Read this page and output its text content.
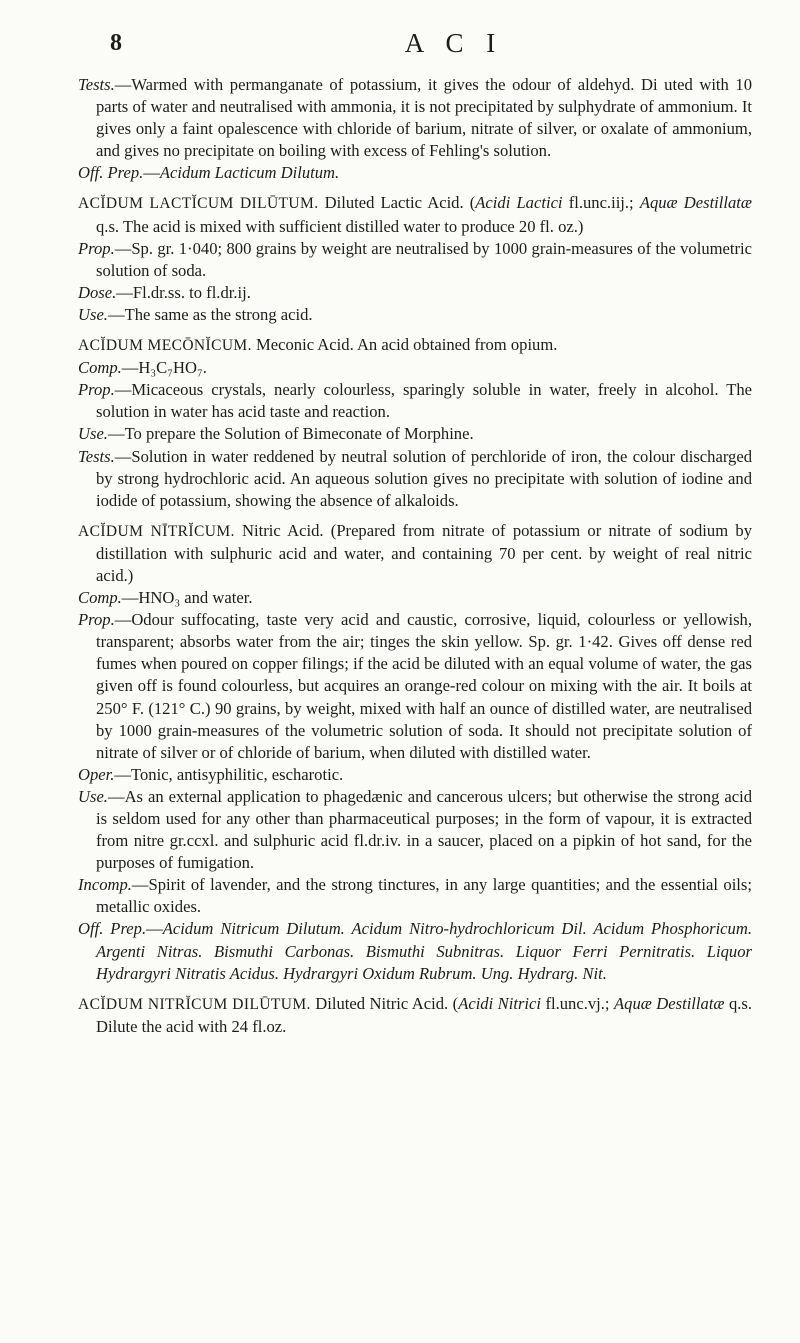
8	A C I

Tests.—Warmed with permanganate of potassium, it gives the odour of aldehyd. Di uted with 10 parts of water and neutralised with ammonia, it is not precipitated by sulphydrate of ammonium. It gives only a faint opalescence with chloride of barium, nitrate of silver, or oxalate of ammonium, and gives no precipitate on boiling with excess of Fehling's solution.

Off. Prep.—Acidum Lacticum Dilutum.

ACĬDUM LACTĬCUM DILŪTUM. Diluted Lactic Acid. (Acidi Lactici fl.unc.iij.; Aquæ Destillatæ q.s. The acid is mixed with sufficient distilled water to produce 20 fl. oz.)

Prop.—Sp. gr. 1·040; 800 grains by weight are neutralised by 1000 grain-measures of the volumetric solution of soda.

Dose.—Fl.dr.ss. to fl.dr.ij.

Use.—The same as the strong acid.

ACĬDUM MECŌNĬCUM. Meconic Acid. An acid obtained from opium.

Comp.—H₃C₇HO₇.

Prop.—Micaceous crystals, nearly colourless, sparingly soluble in water, freely in alcohol. The solution in water has acid taste and reaction.

Use.—To prepare the Solution of Bimeconate of Morphine.

Tests.—Solution in water reddened by neutral solution of perchloride of iron, the colour discharged by strong hydrochloric acid. An aqueous solution gives no precipitate with solution of iodine and iodide of potassium, showing the absence of alkaloids.

ACĬDUM NĪTRĬCUM. Nitric Acid. (Prepared from nitrate of potassium or nitrate of sodium by distillation with sulphuric acid and water, and containing 70 per cent. by weight of real nitric acid.)

Comp.—HNO₃ and water.

Prop.—Odour suffocating, taste very acid and caustic, corrosive, liquid, colourless or yellowish, transparent; absorbs water from the air; tinges the skin yellow. Sp. gr. 1·42. Gives off dense red fumes when poured on copper filings; if the acid be diluted with an equal volume of water, the gas given off is found colourless, but acquires an orange-red colour on mixing with the air. It boils at 250° F. (121° C.) 90 grains, by weight, mixed with half an ounce of distilled water, are neutralised by 1000 grain-measures of the volumetric solution of soda. It should not precipitate solution of nitrate of silver or of chloride of barium, when diluted with distilled water.

Oper.—Tonic, antisyphilitic, escharotic.

Use.—As an external application to phagedænic and cancerous ulcers; but otherwise the strong acid is seldom used for any other than pharmaceutical purposes; in the form of vapour, it is extracted from nitre gr.ccxl. and sulphuric acid fl.dr.iv. in a saucer, placed on a pipkin of hot sand, for the purposes of fumigation.

Incomp.—Spirit of lavender, and the strong tinctures, in any large quantities; and the essential oils; metallic oxides.

Off. Prep.—Acidum Nitricum Dilutum. Acidum Nitro-hydrochloricum Dil. Acidum Phosphoricum. Argenti Nitras. Bismuthi Carbonas. Bismuthi Subnitras. Liquor Ferri Pernitratis. Liquor Hydrargyri Nitratis Acidus. Hydrargyri Oxidum Rubrum. Ung. Hydrarg. Nit.

ACĬDUM NITRĬCUM DILŪTUM. Diluted Nitric Acid. (Acidi Nitrici fl.unc.vj.; Aquæ Destillatæ q.s. Dilute the acid with 24 fl.oz.
